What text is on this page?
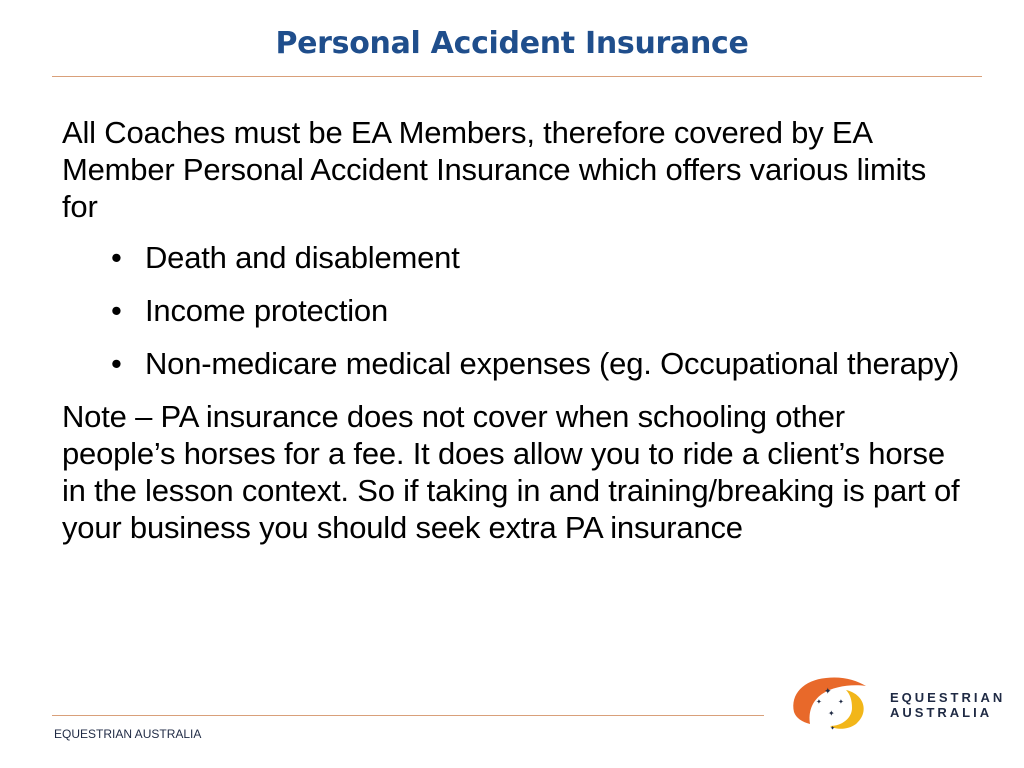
Personal Accident Insurance

All Coaches must be EA Members, therefore covered by EA Member Personal Accident Insurance which offers various limits for

• Death and disablement
• Income protection
• Non-medicare medical expenses (eg. Occupational therapy)

Note – PA insurance does not cover when schooling other people’s horses for a fee. It does allow you to ride a client’s horse in the lesson context. So if taking in and training/breaking is part of your business you should seek extra PA insurance

EQUESTRIAN AUSTRALIA
✦
✦ ✦
✦
✦
EQUESTRIAN
AUSTRALIA
